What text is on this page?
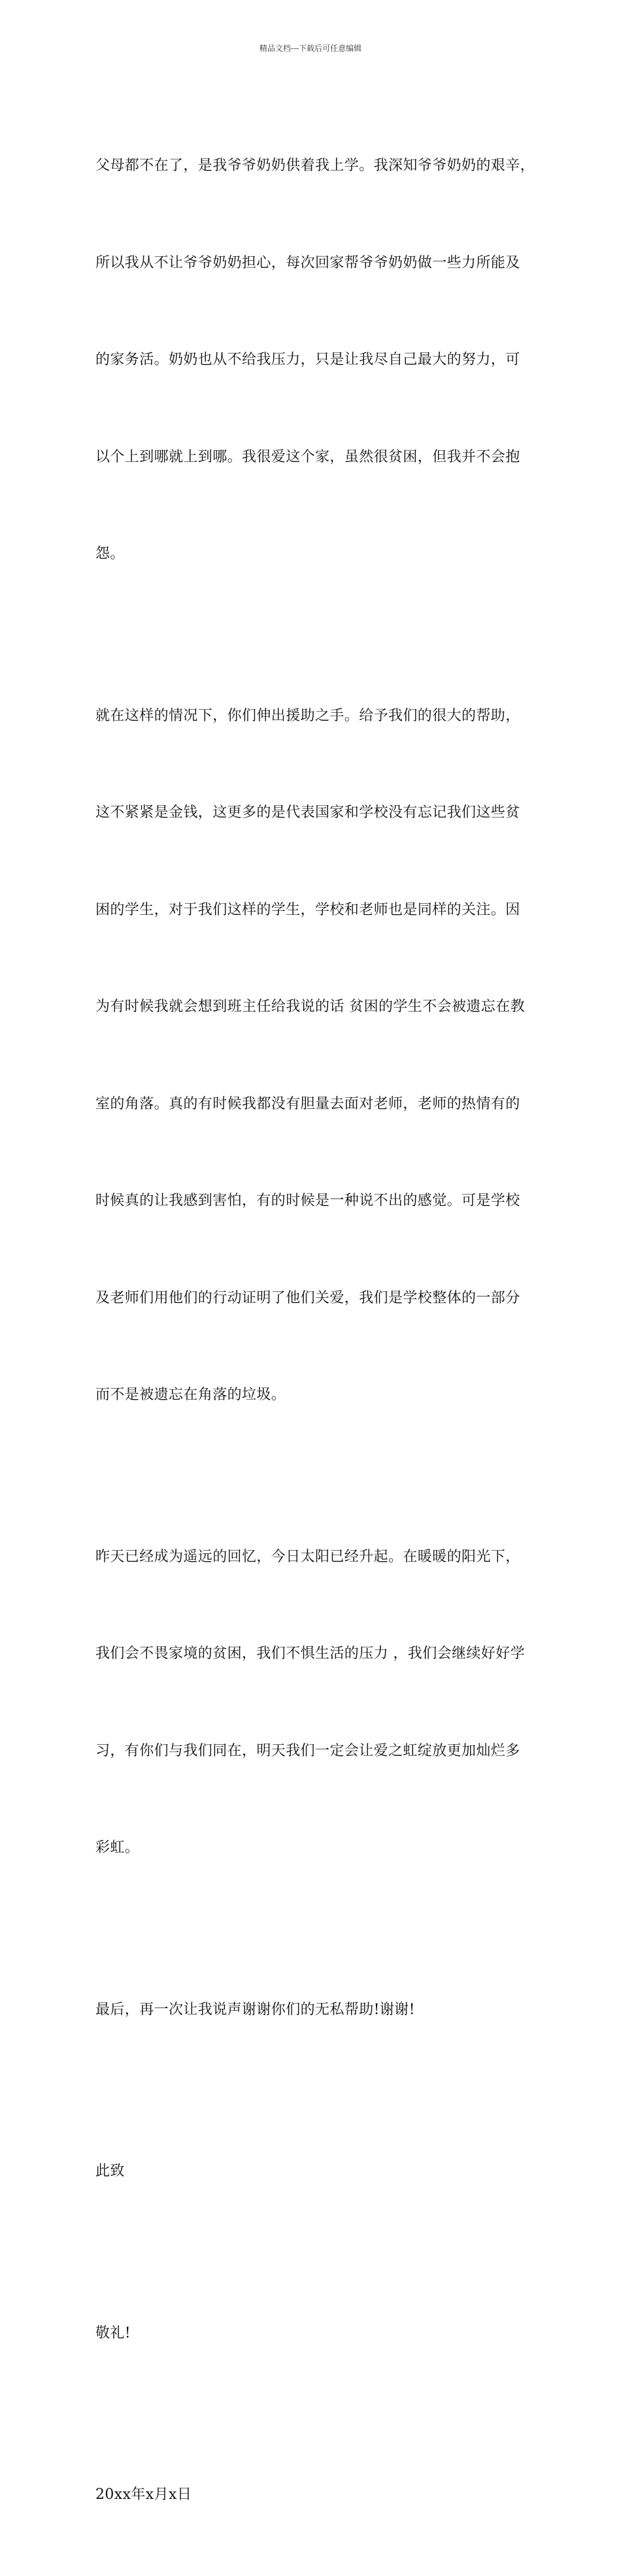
精品文档---下载后可任意编辑

父母都不在了，是我爷爷奶奶供着我上学。我深知爷爷奶奶的艰辛，

所以我从不让爷爷奶奶担心，每次回家帮爷爷奶奶做一些力所能及

的家务活。奶奶也从不给我压力，只是让我尽自己最大的努力，可

以个上到哪就上到哪。我很爱这个家，虽然很贫困，但我并不会抱

怨。

就在这样的情况下，你们伸出援助之手。给予我们的很大的帮助，

这不紧紧是金钱，这更多的是代表国家和学校没有忘记我们这些贫

困的学生，对于我们这样的学生，学校和老师也是同样的关注。因

为有时候我就会想到班主任给我说的话 贫困的学生不会被遗忘在教

室的角落。真的有时候我都没有胆量去面对老师，老师的热情有的

时候真的让我感到害怕，有的时候是一种说不出的感觉。可是学校

及老师们用他们的行动证明了他们关爱，我们是学校整体的一部分

而不是被遗忘在角落的垃圾。

昨天已经成为遥远的回忆，今日太阳已经升起。在暖暖的阳光下，

我们会不畏家境的贫困，我们不惧生活的压力 ，我们会继续好好学

习，有你们与我们同在，明天我们一定会让爱之虹绽放更加灿烂多

彩虹。

最后，再一次让我说声谢谢你们的无私帮助!谢谢!

此致

敬礼!

20xx年x月x日
